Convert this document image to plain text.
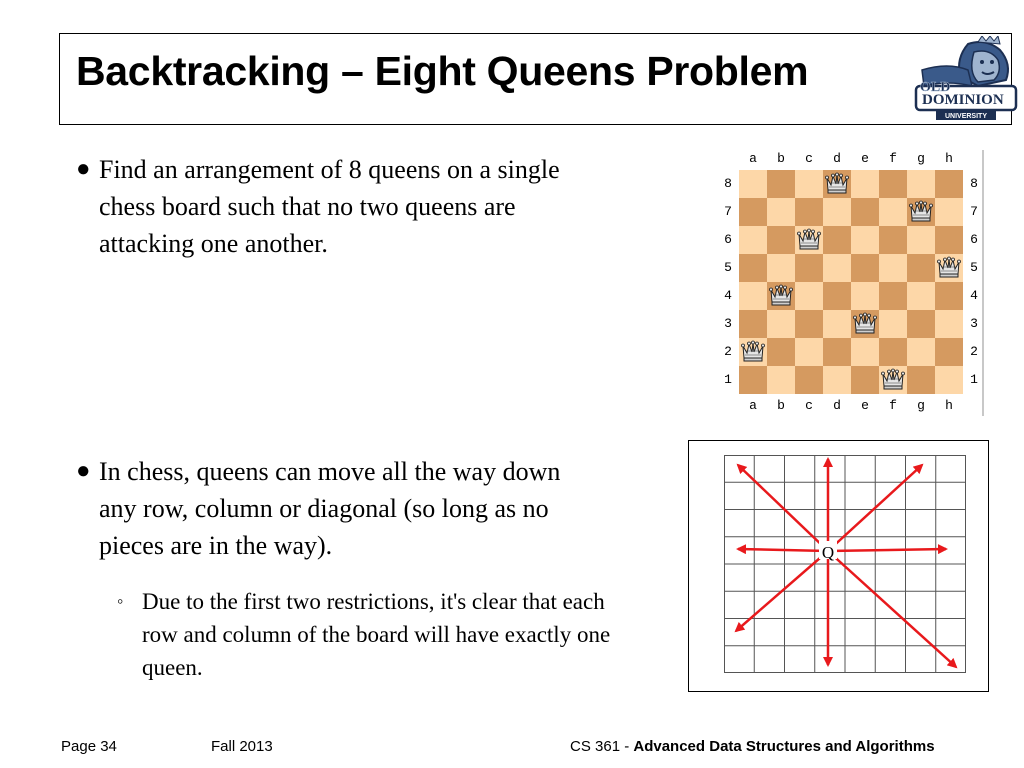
Backtracking – Eight Queens Problem	OLD
DOMINION
UNIVERSITY
● Find an arrangement of 8 queens on a single chess board such that no two queens are attacking one another.
● In chess, queens can move all the way down any row, column or diagonal (so long as no pieces are in the way).
◦ Due to the first two restrictions, it's clear that each row and column of the board will have exactly one queen.
a
a
b
b
c
c
d
d
e
e
f
f
g
g
h
h
8	8
7	7
6	6
5	5
4	4
3	3
2	2
1	1
Q
Page 34	Fall 2013	CS 361 - Advanced Data Structures and Algorithms
